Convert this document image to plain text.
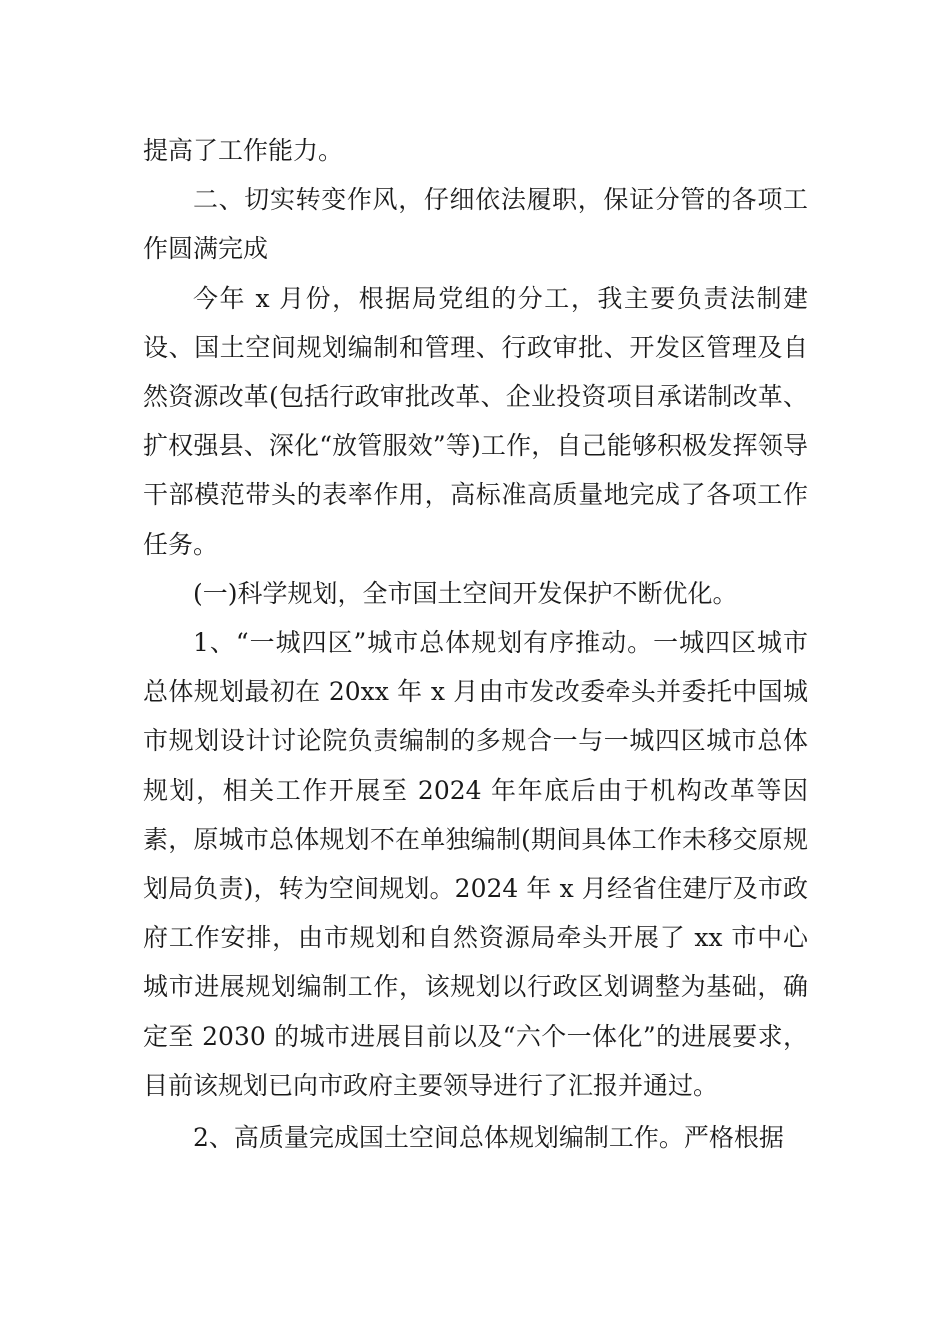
提高了工作能力。

二、切实转变作风，仔细依法履职，保证分管的各项工作圆满完成

今年 x 月份，根据局党组的分工，我主要负责法制建设、国土空间规划编制和管理、行政审批、开发区管理及自然资源改革(包括行政审批改革、企业投资项目承诺制改革、扩权强县、深化“放管服效”等)工作，自己能够积极发挥领导干部模范带头的表率作用，高标准高质量地完成了各项工作任务。

(一)科学规划，全市国土空间开发保护不断优化。

1、“一城四区”城市总体规划有序推动。一城四区城市总体规划最初在 20xx 年 x 月由市发改委牵头并委托中国城市规划设计讨论院负责编制的多规合一与一城四区城市总体规划，相关工作开展至 2024 年年底后由于机构改革等因素，原城市总体规划不在单独编制(期间具体工作未移交原规划局负责)，转为空间规划。2024 年 x 月经省住建厅及市政府工作安排，由市规划和自然资源局牵头开展了 xx 市中心城市进展规划编制工作，该规划以行政区划调整为基础，确定至 2030 的城市进展目前以及“六个一体化”的进展要求，目前该规划已向市政府主要领导进行了汇报并通过。

2、高质量完成国土空间总体规划编制工作。严格根据
